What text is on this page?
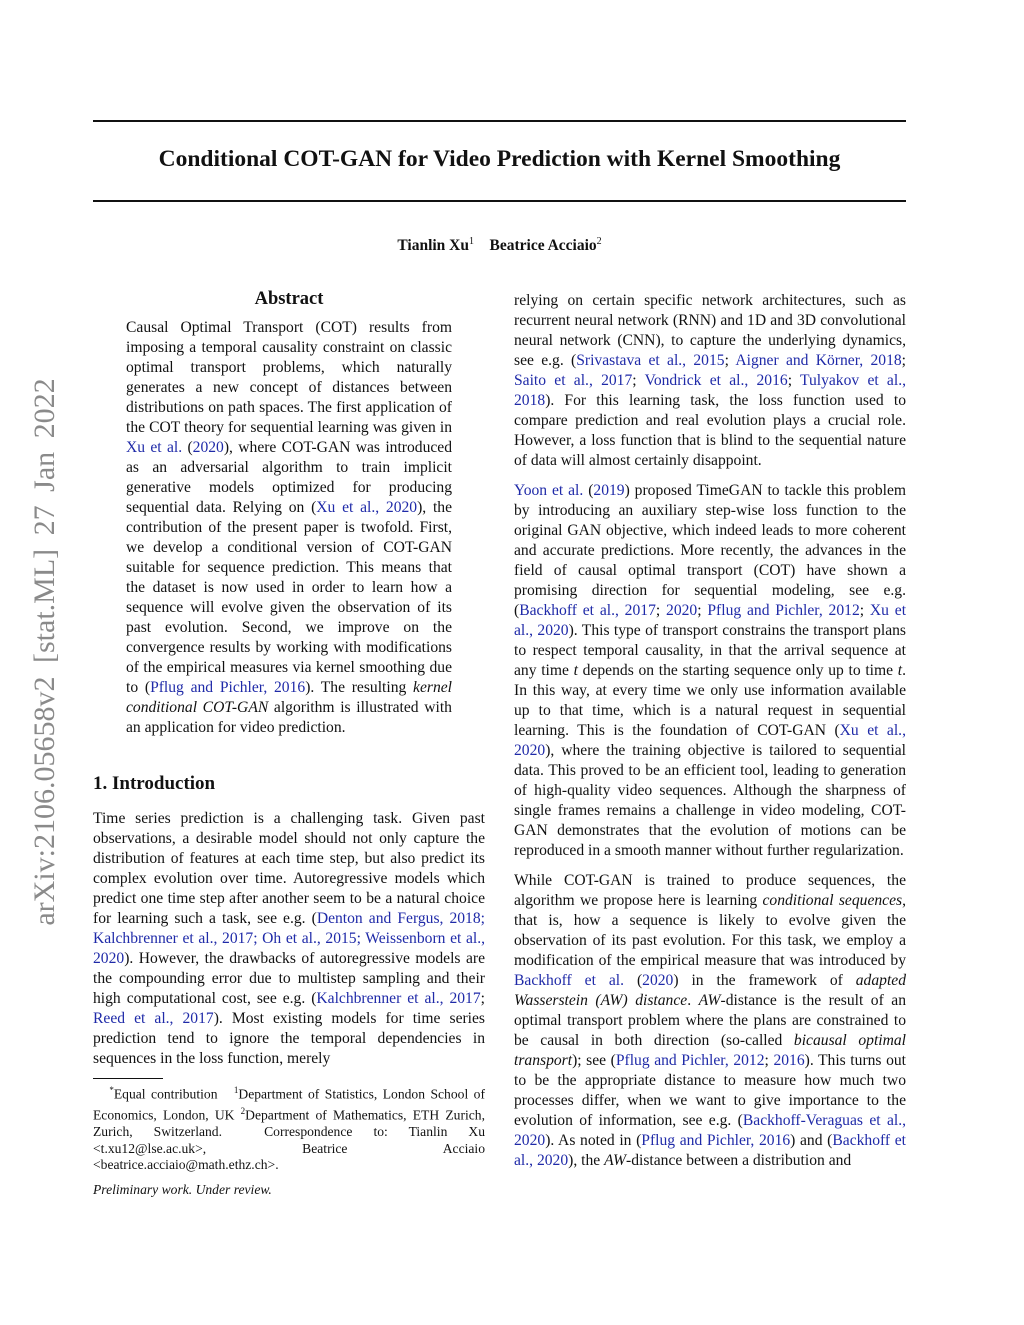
arXiv:2106.05658v2 [stat.ML] 27 Jan 2022
Conditional COT-GAN for Video Prediction with Kernel Smoothing
Tianlin Xu$^1$ Beatrice Acciaio$^2$
Abstract

Causal Optimal Transport (COT) results from imposing a temporal causality constraint on classic optimal transport problems, which naturally generates a new concept of distances between distributions on path spaces. The first application of the COT theory for sequential learning was given in Xu et al. (2020), where COT-GAN was introduced as an adversarial algorithm to train implicit generative models optimized for producing sequential data. Relying on (Xu et al., 2020), the contribution of the present paper is twofold. First, we develop a conditional version of COT-GAN suitable for sequence prediction. This means that the dataset is now used in order to learn how a sequence will evolve given the observation of its past evolution. Second, we improve on the convergence results by working with modifications of the empirical measures via kernel smoothing due to (Pflug and Pichler, 2016). The resulting kernel conditional COT-GAN algorithm is illustrated with an application for video prediction.

1. Introduction

Time series prediction is a challenging task. Given past observations, a desirable model should not only capture the distribution of features at each time step, but also predict its complex evolution over time. Autoregressive models which predict one time step after another seem to be a natural choice for learning such a task, see e.g. (Denton and Fergus, 2018; Kalchbrenner et al., 2017; Oh et al., 2015; Weissenborn et al., 2020). However, the drawbacks of autoregressive models are the compounding error due to multistep sampling and their high computational cost, see e.g. (Kalchbrenner et al., 2017; Reed et al., 2017). Most existing models for time series prediction tend to ignore the temporal dependencies in sequences in the loss function, merely

relying on certain specific network architectures, such as recurrent neural network (RNN) and 1D and 3D convolutional neural network (CNN), to capture the underlying dynamics, see e.g. (Srivastava et al., 2015; Aigner and Körner, 2018; Saito et al., 2017; Vondrick et al., 2016; Tulyakov et al., 2018). For this learning task, the loss function used to compare prediction and real evolution plays a crucial role. However, a loss function that is blind to the sequential nature of data will almost certainly disappoint.

Yoon et al. (2019) proposed TimeGAN to tackle this problem by introducing an auxiliary step-wise loss function to the original GAN objective, which indeed leads to more coherent and accurate predictions. More recently, the advances in the field of causal optimal transport (COT) have shown a promising direction for sequential modeling, see e.g. (Backhoff et al., 2017; 2020; Pflug and Pichler, 2012; Xu et al., 2020). This type of transport constrains the transport plans to respect temporal causality, in that the arrival sequence at any time t depends on the starting sequence only up to time t. In this way, at every time we only use information available up to that time, which is a natural request in sequential learning. This is the foundation of COT-GAN (Xu et al., 2020), where the training objective is tailored to sequential data. This proved to be an efficient tool, leading to generation of high-quality video sequences. Although the sharpness of single frames remains a challenge in video modeling, COT-GAN demonstrates that the evolution of motions can be reproduced in a smooth manner without further regularization.

While COT-GAN is trained to produce sequences, the algorithm we propose here is learning conditional sequences, that is, how a sequence is likely to evolve given the observation of its past evolution. For this task, we employ a modification of the empirical measure that was introduced by Backhoff et al. (2020) in the framework of adapted Wasserstein (AW) distance. AW-distance is the result of an optimal transport problem where the plans are constrained to be causal in both direction (so-called bicausal optimal transport); see (Pflug and Pichler, 2012; 2016). This turns out to be the appropriate distance to measure how much two processes differ, when we want to give importance to the evolution of information, see e.g. (Backhoff-Veraguas et al., 2020). As noted in (Pflug and Pichler, 2016) and (Backhoff et al., 2020), the AW-distance between a distribution and

*Equal contribution $^1$Department of Statistics, London School of Economics, London, UK $^2$Department of Mathematics, ETH Zurich, Zurich, Switzerland.	Correspondence to: Tianlin Xu <t.xu12@lse.ac.uk>, Beatrice Acciaio <beatrice.acciaio@math.ethz.ch>.
Preliminary work. Under review.
